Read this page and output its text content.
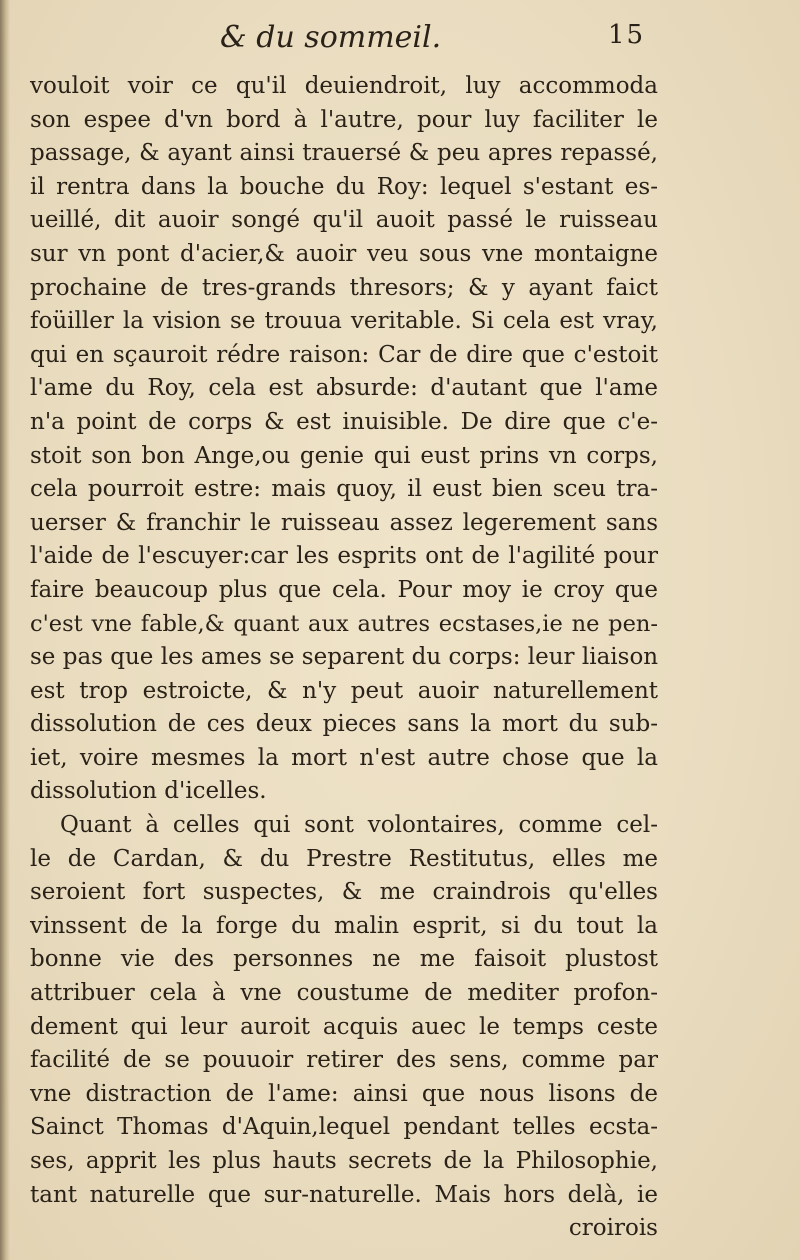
& du sommeil.	15
vouloit voir ce qu'il deuiendroit, luy accommoda
son espee d'vn bord à l'autre, pour luy faciliter le
passage, & ayant ainsi trauersé & peu apres repassé,
il rentra dans la bouche du Roy: lequel s'estant es-
ueillé, dit auoir songé qu'il auoit passé le ruisseau
sur vn pont d'acier,& auoir veu sous vne montaigne
prochaine de tres-grands thresors; & y ayant faict
foüiller la vision se trouua veritable. Si cela est vray,
qui en sçauroit rédre raison: Car de dire que c'estoit
l'ame du Roy, cela est absurde: d'autant que l'ame
n'a point de corps & est inuisible. De dire que c'e-
stoit son bon Ange,ou genie qui eust prins vn corps,
cela pourroit estre: mais quoy, il eust bien sceu tra-
uerser & franchir le ruisseau assez legerement sans
l'aide de l'escuyer:car les esprits ont de l'agilité pour
faire beaucoup plus que cela. Pour moy ie croy que
c'est vne fable,& quant aux autres ecstases,ie ne pen-
se pas que les ames se separent du corps: leur liaison
est trop estroicte, & n'y peut auoir naturellement
dissolution de ces deux pieces sans la mort du sub-
iet, voire mesmes la mort n'est autre chose que la
dissolution d'icelles.
Quant à celles qui sont volontaires, comme cel-
le de Cardan, & du Prestre Restitutus, elles me
seroient fort suspectes, & me craindrois qu'elles
vinssent de la forge du malin esprit, si du tout la
bonne vie des personnes ne me faisoit plustost
attribuer cela à vne coustume de mediter profon-
dement qui leur auroit acquis auec le temps ceste
facilité de se pouuoir retirer des sens, comme par
vne distraction de l'ame: ainsi que nous lisons de
Sainct Thomas d'Aquin,lequel pendant telles ecsta-
ses, apprit les plus hauts secrets de la Philosophie,
tant naturelle que sur-naturelle. Mais hors delà, ie
croirois
